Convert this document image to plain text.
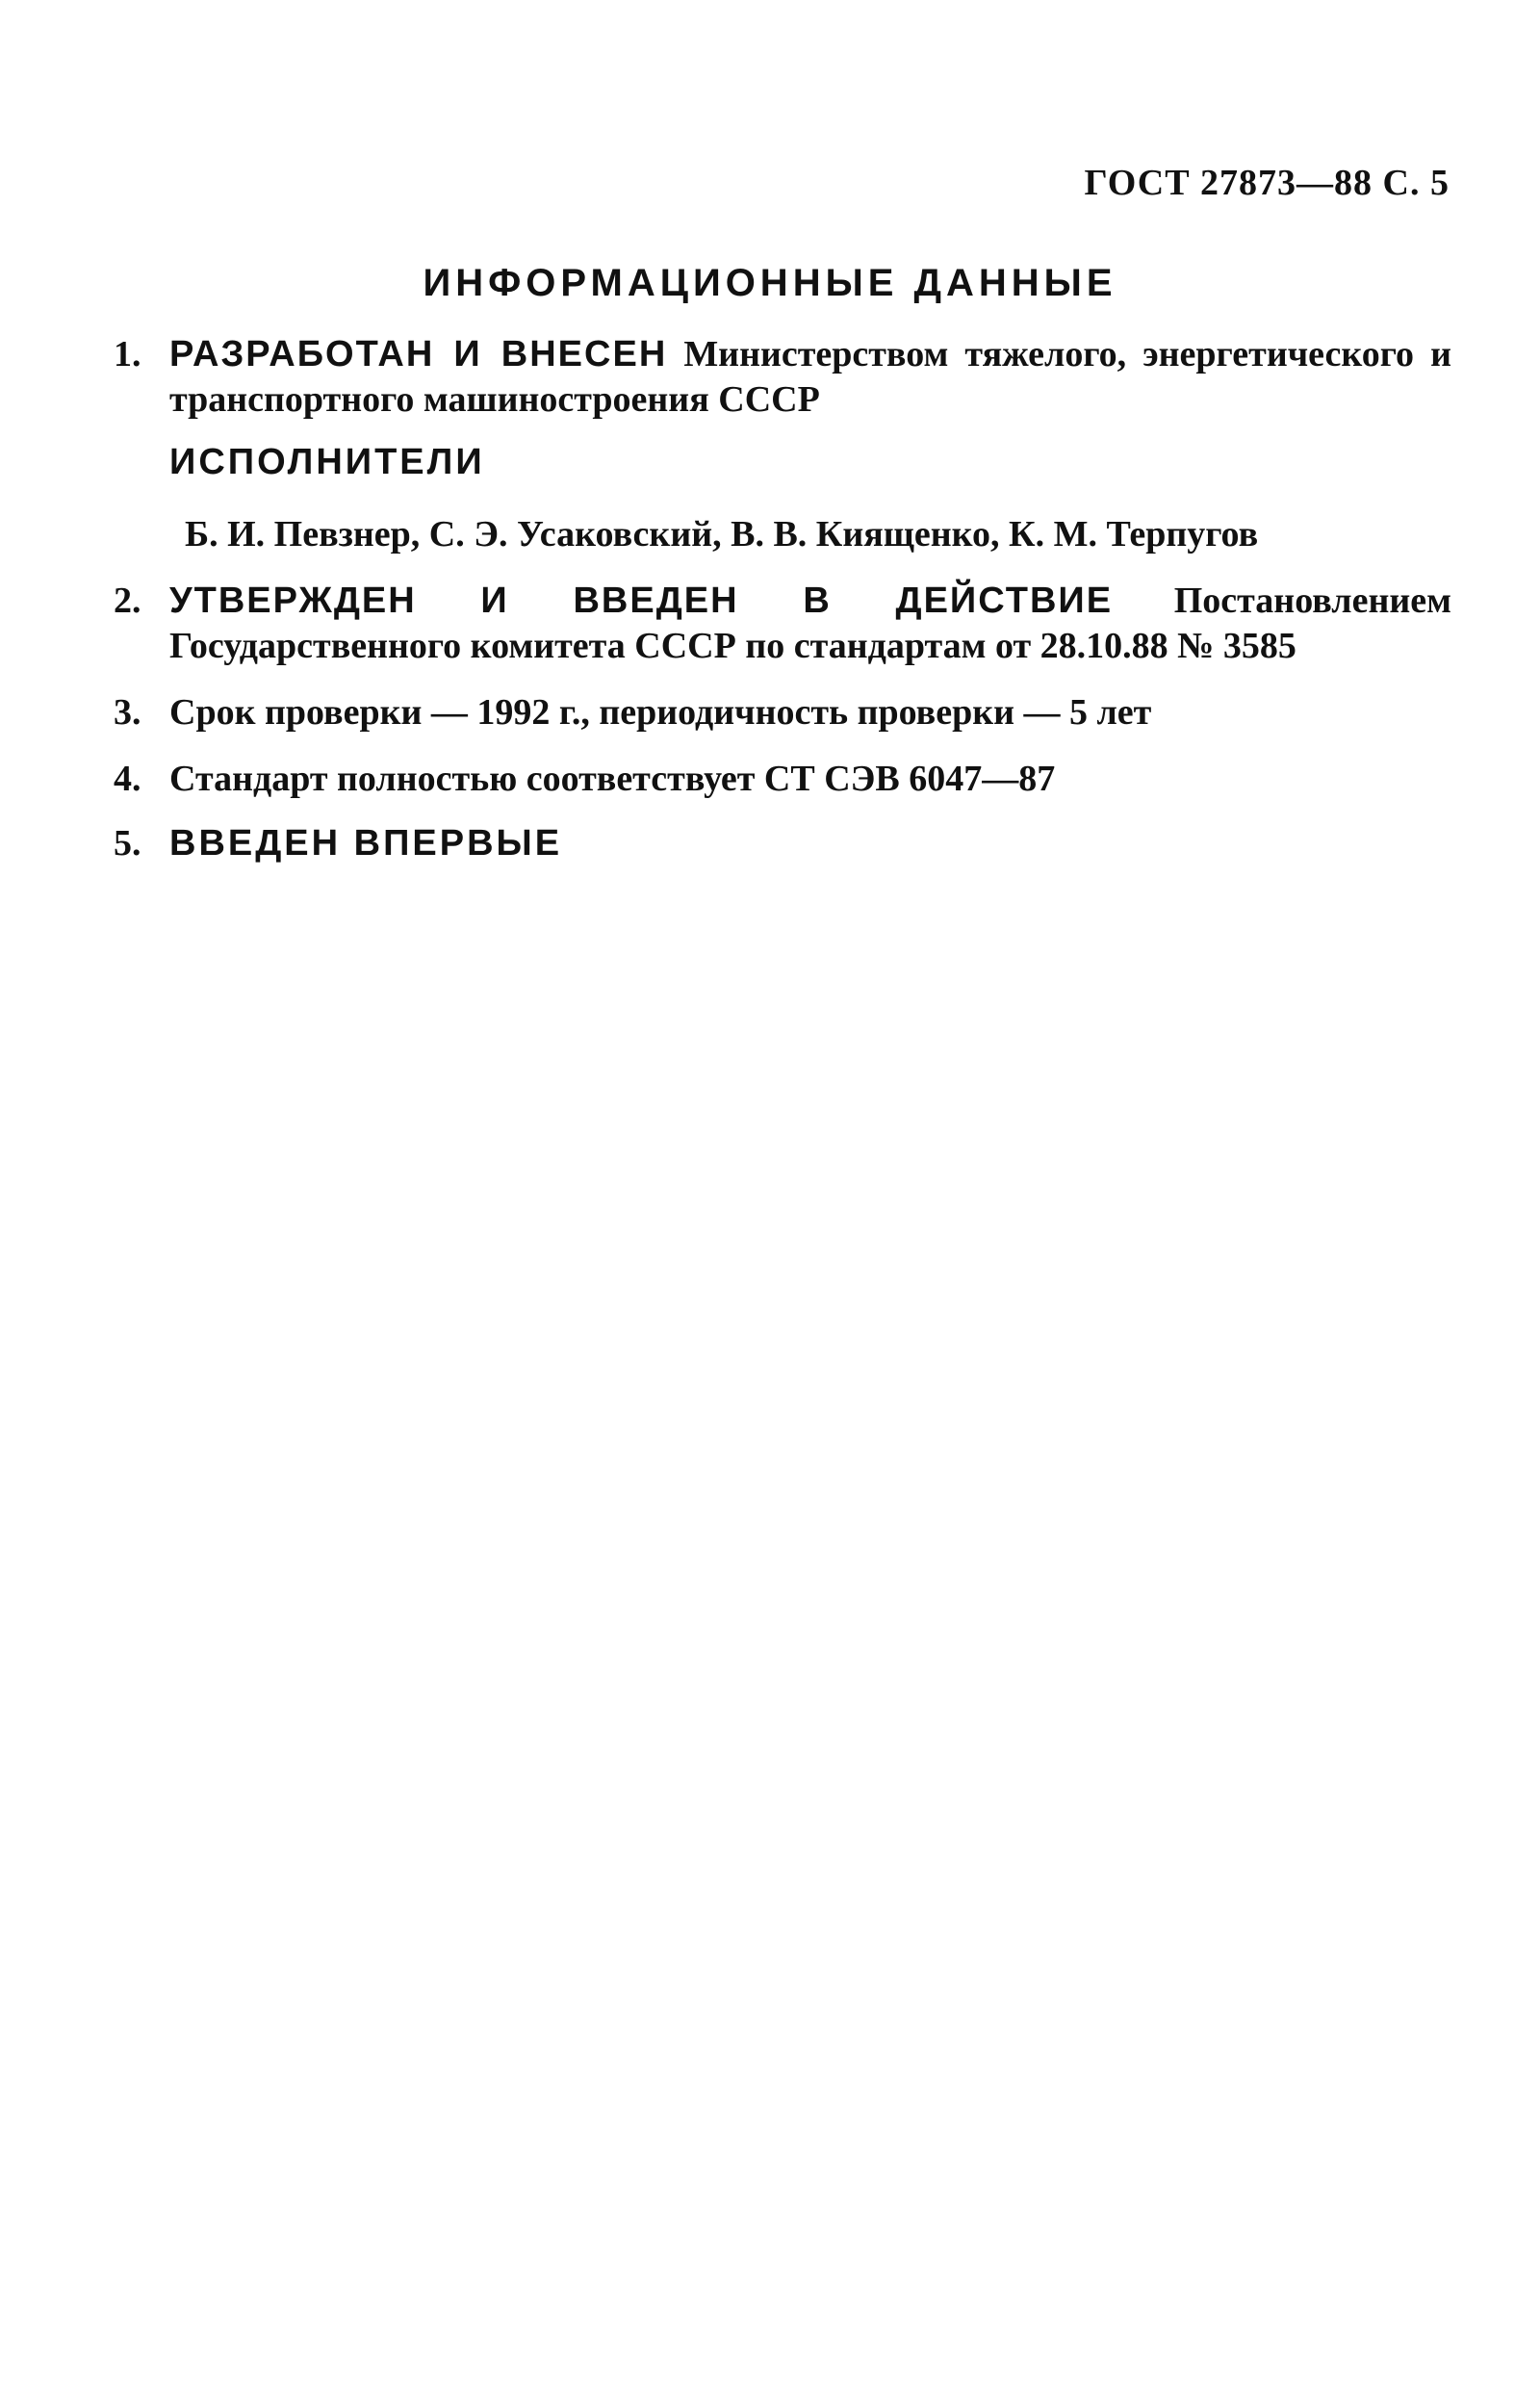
ГОСТ 27873—88 С. 5
ИНФОРМАЦИОННЫЕ ДАННЫЕ
1. РАЗРАБОТАН И ВНЕСЕН Министерством тяжелого, энергетического и транспортного машиностроения СССР
ИСПОЛНИТЕЛИ
Б. И. Певзнер, С. Э. Усаковский, В. В. Киященко, К. М. Терпугов
2. УТВЕРЖДЕН И ВВЕДЕН В ДЕЙСТВИЕ Постановлением Государственного комитета СССР по стандартам от 28.10.88 № 3585
3. Срок проверки — 1992 г., периодичность проверки — 5 лет
4. Стандарт полностью соответствует СТ СЭВ 6047—87
5. ВВЕДЕН ВПЕРВЫЕ
